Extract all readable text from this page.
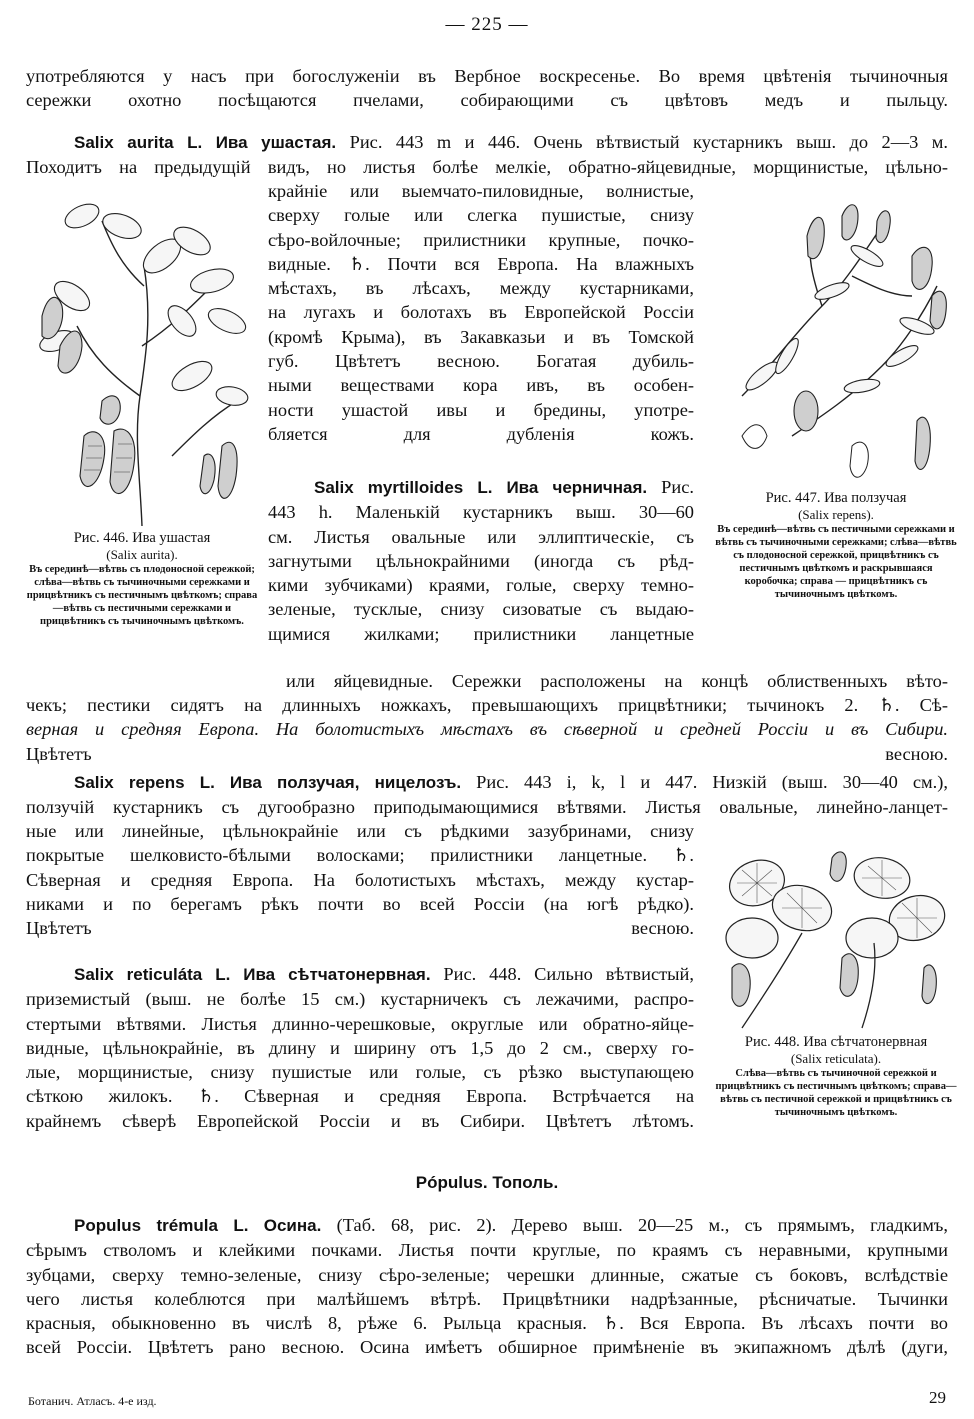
— 225 —
употребляются у насъ при богослуженіи въ Вербное воскресенье. Во время цвѣтенія тычиночныя
сережки охотно посѣщаются пчелами, собирающими съ цвѣтовъ медъ и пыльцу.
Salix aurita L. Ива ушастая. Рис. 443 m и 446. Очень вѣтвистый кустарникъ выш. до 2—3 м.
Походитъ на предыдущій видъ, но листья болѣе мелкіе, обратно-яйцевидные, морщинистые, цѣльно-
крайніе или выемчато-пиловидные, волнистые,
сверху голые или слегка пушистые, снизу
сѣро-войлочные; прилистники крупные, почко-
видные. ♄. Почти вся Европа. На влажныхъ
мѣстахъ, въ лѣсахъ, между кустарниками,
на лугахъ и болотахъ въ Европейской Россіи
(кромѣ Крыма), въ Закавказьи и въ Томской
губ. Цвѣтетъ весною. Богатая дубиль-
ными веществами кора ивъ, въ особен-
ности ушастой ивы и бредины, употре-
бляется для дубленія кожъ.
Salix myrtilloides L. Ива черничная. Рис.
443 h. Маленькій кустарникъ выш. 30—60
см. Листья овальные или эллиптическіе, съ
загнутыми цѣльнокрайними (иногда съ рѣд-
кими зубчиками) краями, голые, сверху темно-
зеленые, тусклые, снизу сизоватые съ выдаю-
щимися жилками; прилистники ланцетные
или яйцевидные. Сережки расположены на концѣ облиственныхъ вѣто-
чекъ; пестики сидятъ на длинныхъ ножкахъ, превышающихъ прицвѣтники; тычинокъ 2. ♄. Сѣ-
верная и средняя Европа. На болотистыхъ мѣстахъ въ сѣверной и средней Россіи и въ Сибири.
Цвѣтетъ весною.
Salix repens L. Ива ползучая, ницелозъ. Рис. 443 i, k, l и 447. Низкій (выш. 30—40 см.),
ползучій кустарникъ съ дугообразно приподымающимися вѣтвями. Листья овальные, линейно-ланцет-
ные или линейные, цѣльнокрайніе или съ рѣдкими зазубринами, снизу
покрытые шелковисто-бѣлыми волосками; прилистники ланцетные. ♄.
Сѣверная и средняя Европа. На болотистыхъ мѣстахъ, между кустар-
никами и по берегамъ рѣкъ почти во всей Россіи (на югѣ рѣдко).
Цвѣтетъ весною.
Salix reticuláta L. Ива сѣтчатонервная. Рис. 448. Сильно вѣтвистый,
приземистый (выш. не болѣе 15 см.) кустарничекъ съ лежачими, распро-
стертыми вѣтвями. Листья длинно-черешковые, округлые или обратно-яйце-
видные, цѣльнокрайніе, въ длину и ширину отъ 1,5 до 2 см., сверху го-
лые, морщинистые, снизу пушистые или голые, съ рѣзко выступающею
сѣткою жилокъ. ♄. Сѣверная и средняя Европа. Встрѣчается на
крайнемъ сѣверѣ Европейской Россіи и въ Сибири. Цвѣтетъ лѣтомъ.
Pópulus. Тополь.
Populus trémula L. Осина. (Таб. 68, рис. 2). Дерево выш. 20—25 м., съ прямымъ, гладкимъ,
сѣрымъ стволомъ и клейкими почками. Листья почти круглые, по краямъ съ неравными, крупными
зубцами, сверху темно-зеленые, снизу сѣро-зеленые; черешки длинные, сжатые съ боковъ, вслѣдствіе
чего листья колеблются при малѣйшемъ вѣтрѣ. Прицвѣтники надрѣзанные, рѣсничатые. Тычинки
красныя, обыкновенно въ числѣ 8, рѣже 6. Рыльца красныя. ♄. Вся Европа. Въ лѣсахъ почти во
всей Россіи. Цвѣтетъ рано весною. Осина имѣетъ обширное примѣненіе въ экипажномъ дѣлѣ (дуги,
Рис. 446. Ива ушастая
(Salix aurita).
Въ серединѣ—вѣтвь съ плодоносной сережкой; слѣва—вѣтвь съ тычиночными сережками и прицвѣтникъ съ пестичнымъ цвѣткомъ; справа—вѣтвь съ пестичными сережками и прицвѣтникъ съ тычиночнымъ цвѣткомъ.
Рис. 447. Ива ползучая
(Salix repens).
Въ серединѣ—вѣтвь съ пестичными сережками и вѣтвь съ тычиночными сережками; слѣва—вѣтвь съ плодоносной сережкой, прицвѣтникъ съ пестичнымъ цвѣткомъ и раскрывшаяся коробочка; справа — прицвѣтникъ съ тычиночнымъ цвѣткомъ.
Рис. 448. Ива сѣтчатонервная
(Salix reticulata).
Слѣва—вѣтвь съ тычиночной сережкой и прицвѣтникъ съ пестичнымъ цвѣткомъ; справа—вѣтвь съ пестичной сережкой и прицвѣтникъ съ тычиночнымъ цвѣткомъ.
Ботанич. Атласъ. 4-е изд.	29
